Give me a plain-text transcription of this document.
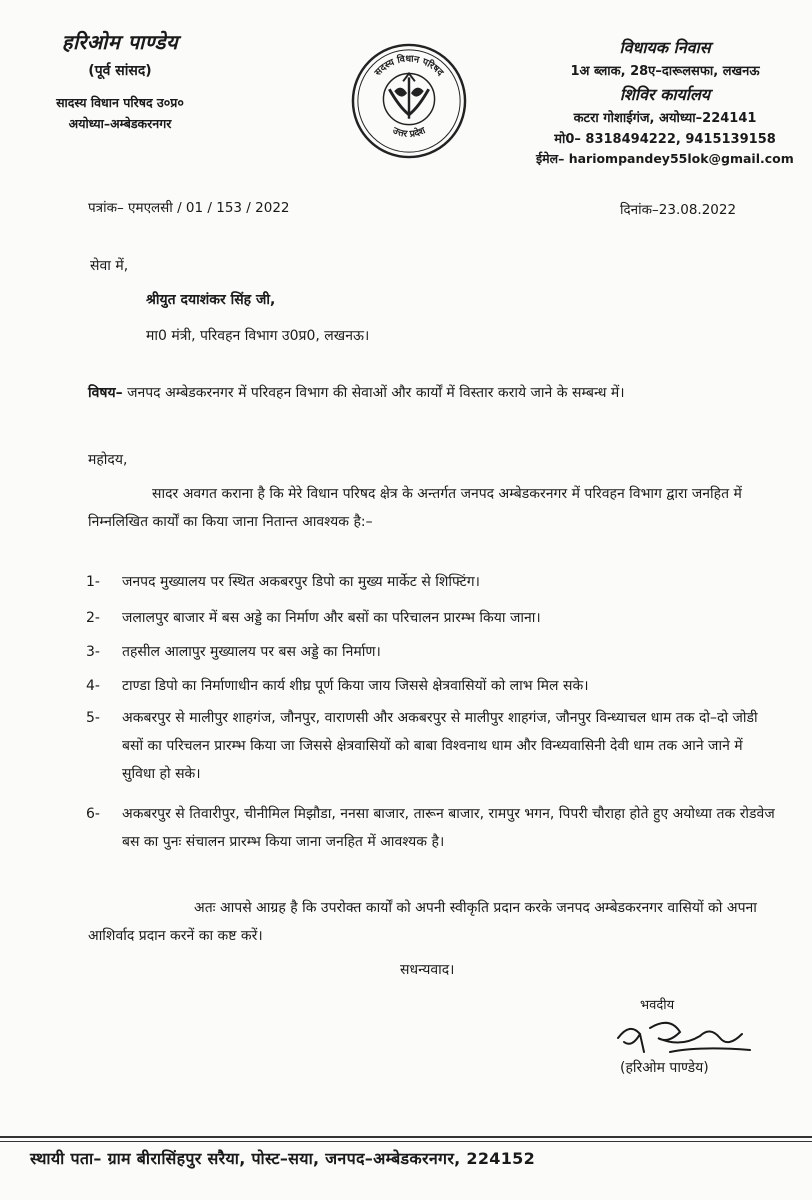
हरिओम पाण्डेय
(पूर्व सांसद)
सादस्य विधान परिषद उ०प्र०
अयोध्या–अम्बेडकरनगर
सदस्य विधान परिषद
उत्तर प्रदेश
विधायक निवास
1अ ब्लाक, 28ए–दारूलसफा, लखनऊ
शिविर कार्यालय
कटरा गोशाईगंज, अयोध्या–224141
मो0– 8318494222, 9415139158
ईमेल– hariompandey55lok@gmail.com
पत्रांक– एमएलसी / 01 / 153 / 2022	दिनांक–23.08.2022
सेवा में,
श्रीयुत दयाशंकर सिंह जी,
मा0 मंत्री, परिवहन विभाग उ0प्र0, लखनऊ।
विषय– जनपद अम्बेडकरनगर में परिवहन विभाग की सेवाओं और कार्यों में विस्तार कराये जाने के सम्बन्ध में।
महोदय,
सादर अवगत कराना है कि मेरे विधान परिषद क्षेत्र के अन्तर्गत जनपद अम्बेडकरनगर में परिवहन विभाग द्वारा जनहित में निम्नलिखित कार्यों का किया जाना नितान्त आवश्यक है:–
1-	जनपद मुख्यालय पर स्थित अकबरपुर डिपो का मुख्य मार्केट से शिफ्टिंग।
2-	जलालपुर बाजार में बस अड्डे का निर्माण और बसों का परिचालन प्रारम्भ किया जाना।
3-	तहसील आलापुर मुख्यालय पर बस अड्डे का निर्माण।
4-	टाण्डा डिपो का निर्माणाधीन कार्य शीघ्र पूर्ण किया जाय जिससे क्षेत्रवासियों को लाभ मिल सके।
5-	अकबरपुर से मालीपुर शाहगंज, जौनपुर, वाराणसी और अकबरपुर से मालीपुर शाहगंज, जौनपुर विन्ध्याचल धाम तक दो–दो जोडी बसों का परिचलन प्रारम्भ किया जा जिससे क्षेत्रवासियों को बाबा विश्वनाथ धाम और विन्ध्यवासिनी देवी धाम तक आने जाने में सुविधा हो सके।
6-	अकबरपुर से तिवारीपुर, चीनीमिल मिझौडा, ननसा बाजार, तारून बाजार, रामपुर भगन, पिपरी चौराहा होते हुए अयोध्या तक रोडवेज बस का पुनः संचालन प्रारम्भ किया जाना जनहित में आवश्यक है।
अतः आपसे आग्रह है कि उपरोक्त कार्यों को अपनी स्वीकृति प्रदान करके जनपद अम्बेडकरनगर वासियों को अपना आशिर्वाद प्रदान करनें का कष्ट करें।
सधन्यवाद।
भवदीय
(हरिओम पाण्डेय)
स्थायी पता– ग्राम बीरासिंहपुर सरैया, पोस्ट–सया, जनपद–अम्बेडकरनगर, 224152
